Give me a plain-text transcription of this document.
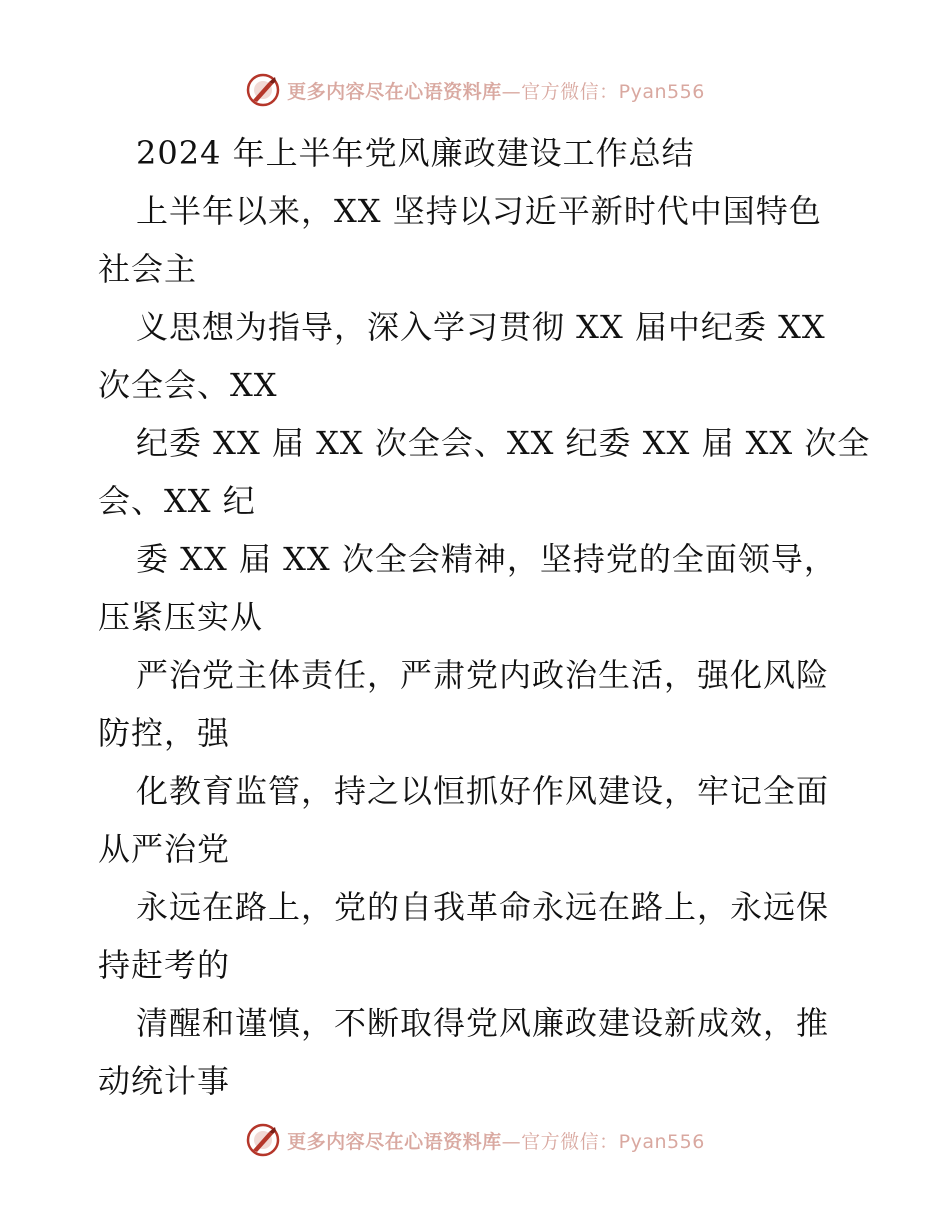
更多内容尽在心语资料库—官方微信：Pyan556
2024 年上半年党风廉政建设工作总结
上半年以来，XX 坚持以习近平新时代中国特色
社会主
义思想为指导，深入学习贯彻 XX 届中纪委 XX
次全会、XX
纪委 XX 届 XX 次全会、XX 纪委 XX 届 XX 次全
会、XX 纪
委 XX 届 XX 次全会精神，坚持党的全面领导，
压紧压实从
严治党主体责任，严肃党内政治生活，强化风险
防控，强
化教育监管，持之以恒抓好作风建设，牢记全面
从严治党
永远在路上，党的自我革命永远在路上，永远保
持赶考的
清醒和谨慎，不断取得党风廉政建设新成效，推
动统计事
更多内容尽在心语资料库—官方微信：Pyan556
